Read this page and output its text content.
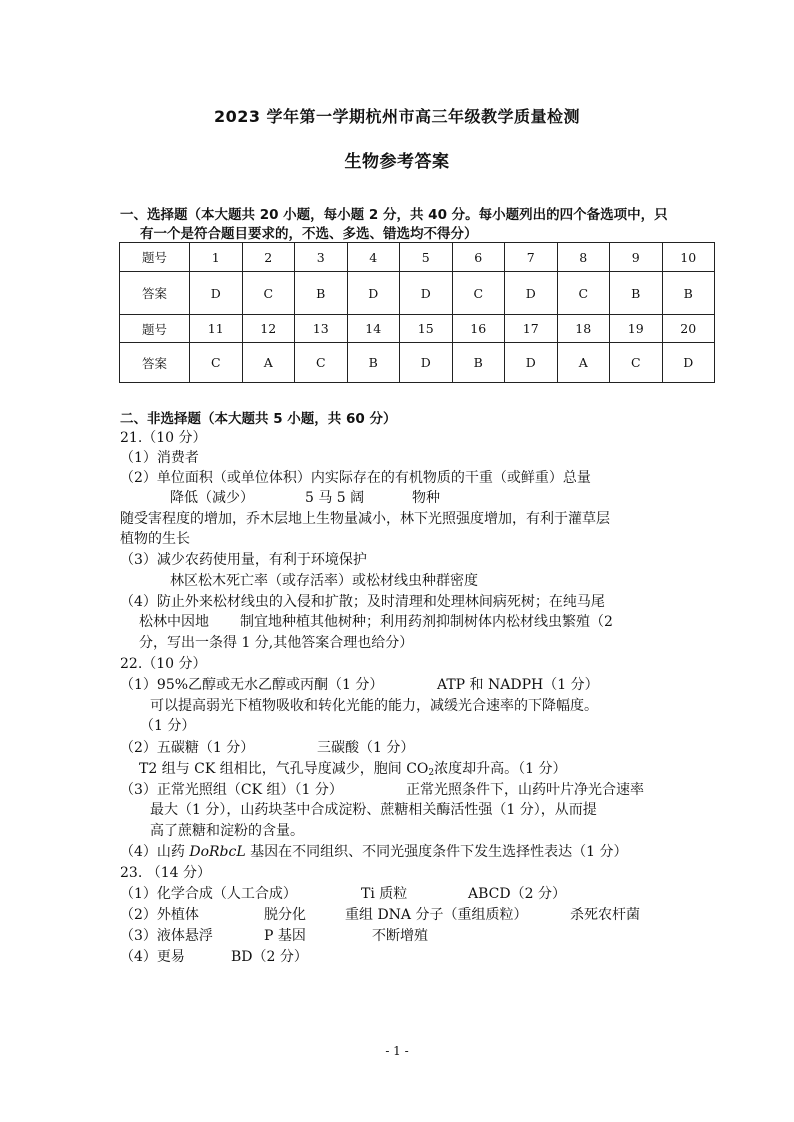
2023 学年第一学期杭州市高三年级教学质量检测
生物参考答案
一、选择题（本大题共 20 小题，每小题 2 分，共 40 分。每小题列出的四个备选项中，只
有一个是符合题目要求的，不选、多选、错选均不得分）
题号	1	2	3	4	5	6	7	8	9	10
答案	D	C	B	D	D	C	D	C	B	B
题号	11	12	13	14	15	16	17	18	19	20
答案	C	A	C	B	D	B	D	A	C	D
二、非选择题（本大题共 5 小题，共 60 分）
21.（10 分）
（1）消费者
（2）单位面积（或单位体积）内实际存在的有机物质的干重（或鲜重）总量
降低（减少）	5 马 5 阔	物种
随受害程度的增加，乔木层地上生物量减小，林下光照强度增加，有利于灌草层
植物的生长
（3）减少农药使用量，有利于环境保护
林区松木死亡率（或存活率）或松材线虫种群密度
（4）防止外来松材线虫的入侵和扩散；及时清理和处理林间病死树；在纯马尾
松林中因地 制宜地种植其他树种；利用药剂抑制树体内松材线虫繁殖（2
分，写出一条得 1 分,其他答案合理也给分）
22.（10 分）
（1）95%乙醇或无水乙醇或丙酮（1 分）	ATP 和 NADPH（1 分）
可以提高弱光下植物吸收和转化光能的能力，减缓光合速率的下降幅度。
（1 分）
（2）五碳糖（1 分）	三碳酸（1 分）
T2 组与 CK 组相比，气孔导度减少，胞间 $CO_2$浓度却升高。（1 分）
（3）正常光照组（CK 组）（1 分）	正常光照条件下，山药叶片净光合速率
最大（1 分），山药块茎中合成淀粉、蔗糖相关酶活性强（1 分），从而提
高了蔗糖和淀粉的含量。
（4）山药 DoRbcL 基因在不同组织、不同光强度条件下发生选择性表达（1 分）
23. （14 分）
（1）化学合成（人工合成）	Ti 质粒	ABCD（2 分）
（2）外植体	脱分化	重组 DNA 分子（重组质粒）	杀死农杆菌
（3）液体悬浮	P 基因	不断增殖
（4）更易	BD（2 分）
- 1 -
